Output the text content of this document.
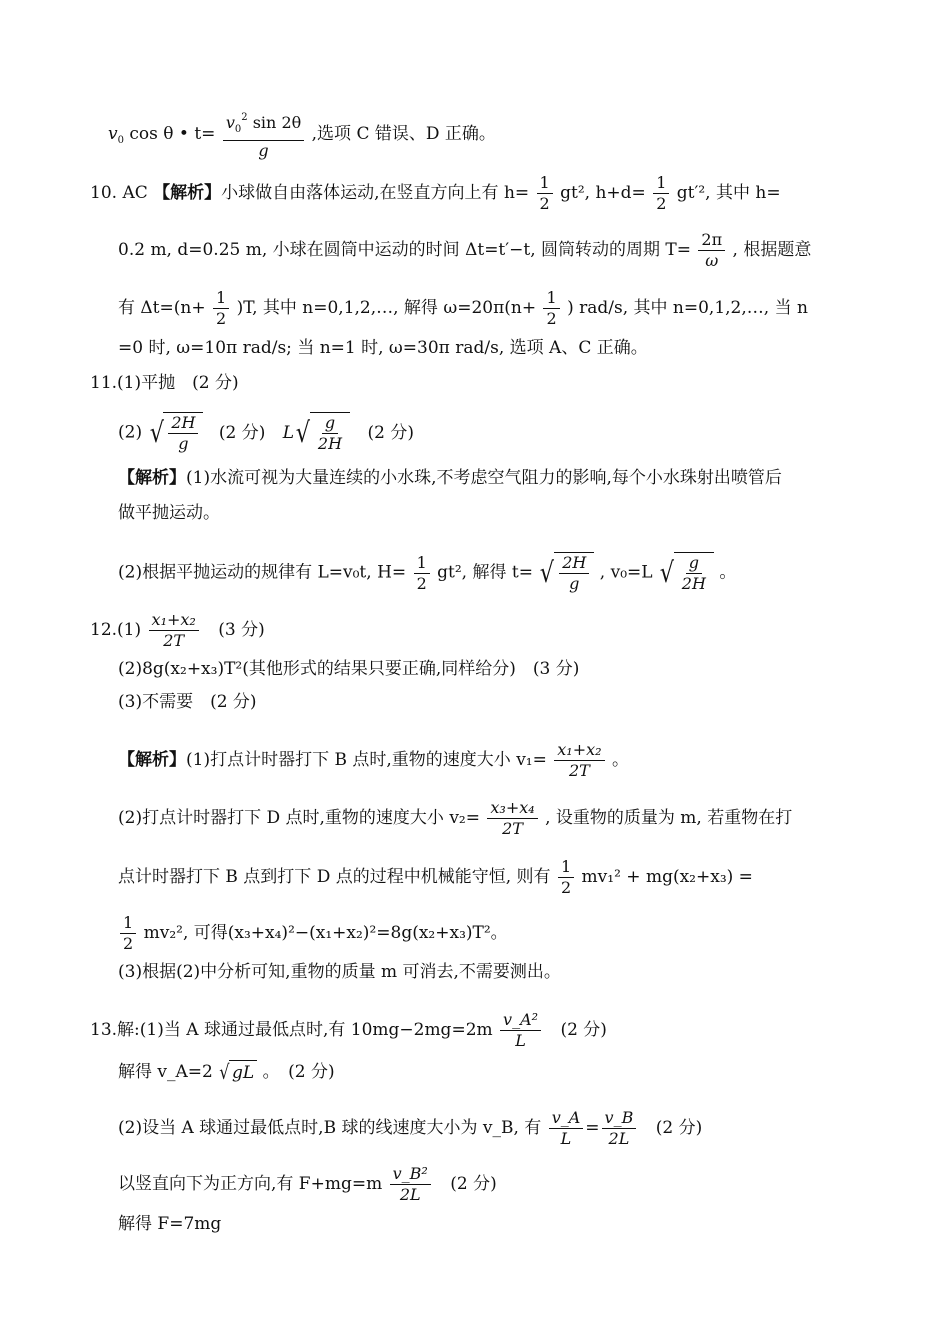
$v_0$ cos θ • $t= \frac{v_0^2 \sin 2\theta}{g}$ ,选项 C 错误、D 正确。
10. AC 【解析】小球做自由落体运动,在竖直方向上有 $h= \frac{1}{2} gt^2$, $h+d= \frac{1}{2} gt'^2$, 其中 h=
0.2 m, d=0.25 m, 小球在圆筒中运动的时间 Δt=t′−t, 圆筒转动的周期 $T= \frac{2\pi}{\omega}$ , 根据题意
有 $\Delta t=(n+ \frac{1}{2} )T$, 其中 n=0,1,2,…, 解得 $\omega=20\pi(n+ \frac{1}{2}$ ) rad/s, 其中 n=0,1,2,…, 当 n
=0 时, ω=10π rad/s; 当 n=1 时, ω=30π rad/s, 选项 A、C 正确。
11.(1)平抛　(2 分)
(2) √ $\frac{2H}{g} (2$ 分) L √ $\frac{g}{2H} (2$ 分)
【解析】(1)水流可视为大量连续的小水珠,不考虑空气阻力的影响,每个小水珠射出喷管后
做平抛运动。
(2)根据平抛运动的规律有 L=v₀t, $H= \frac{1}{2} gt^2$, 解得 t= √ $\frac{2H}{g}$ , v₀=L √ $\frac{g}{2H}$ 。
$12.(1) \frac{\text{x₁+x₂}}{2T} (3$ 分)
(2)8g(x₂+x₃)T²(其他形式的结果只要正确,同样给分)　(3 分)
(3)不需要　(2 分)
【解析】(1)打点计时器打下 B 点时,重物的速度大小 $v_1= \frac{\text{x₁+x₂}}{2T}$ 。
(2)打点计时器打下 D 点时,重物的速度大小 $v_2= \frac{\text{x₃+x₄}}{2T}$ , 设重物的质量为 m, 若重物在打
点计时器打下 B 点到打下 D 点的过程中机械能守恒, 则有 $\frac{1}{2} mv_1^2 + mg(x_2+x_3)$ =
$\frac{1}{2} mv_2^2$, 可得(x₃+x₄)²−(x₁+x₂)²=8g(x₂+x₃)T²。
(3)根据(2)中分析可知,重物的质量 m 可消去,不需要测出。
13.解:(1)当 A 球通过最低点时,有 $10mg-2mg=2m \frac{\text{v\_A²}}{L} (2$ 分)
解得 v_A=2 √ gL 。　(2 分)
(2)设当 A 球通过最低点时,B 球的线速度大小为 v_B, 有 $\frac{v\_A}{L} = \frac{v\_B}{2L} (2$ 分)
以竖直向下为正方向,有 $F+mg=m \frac{\text{v\_B²}}{2L} (2$ 分)
解得 F=7mg
